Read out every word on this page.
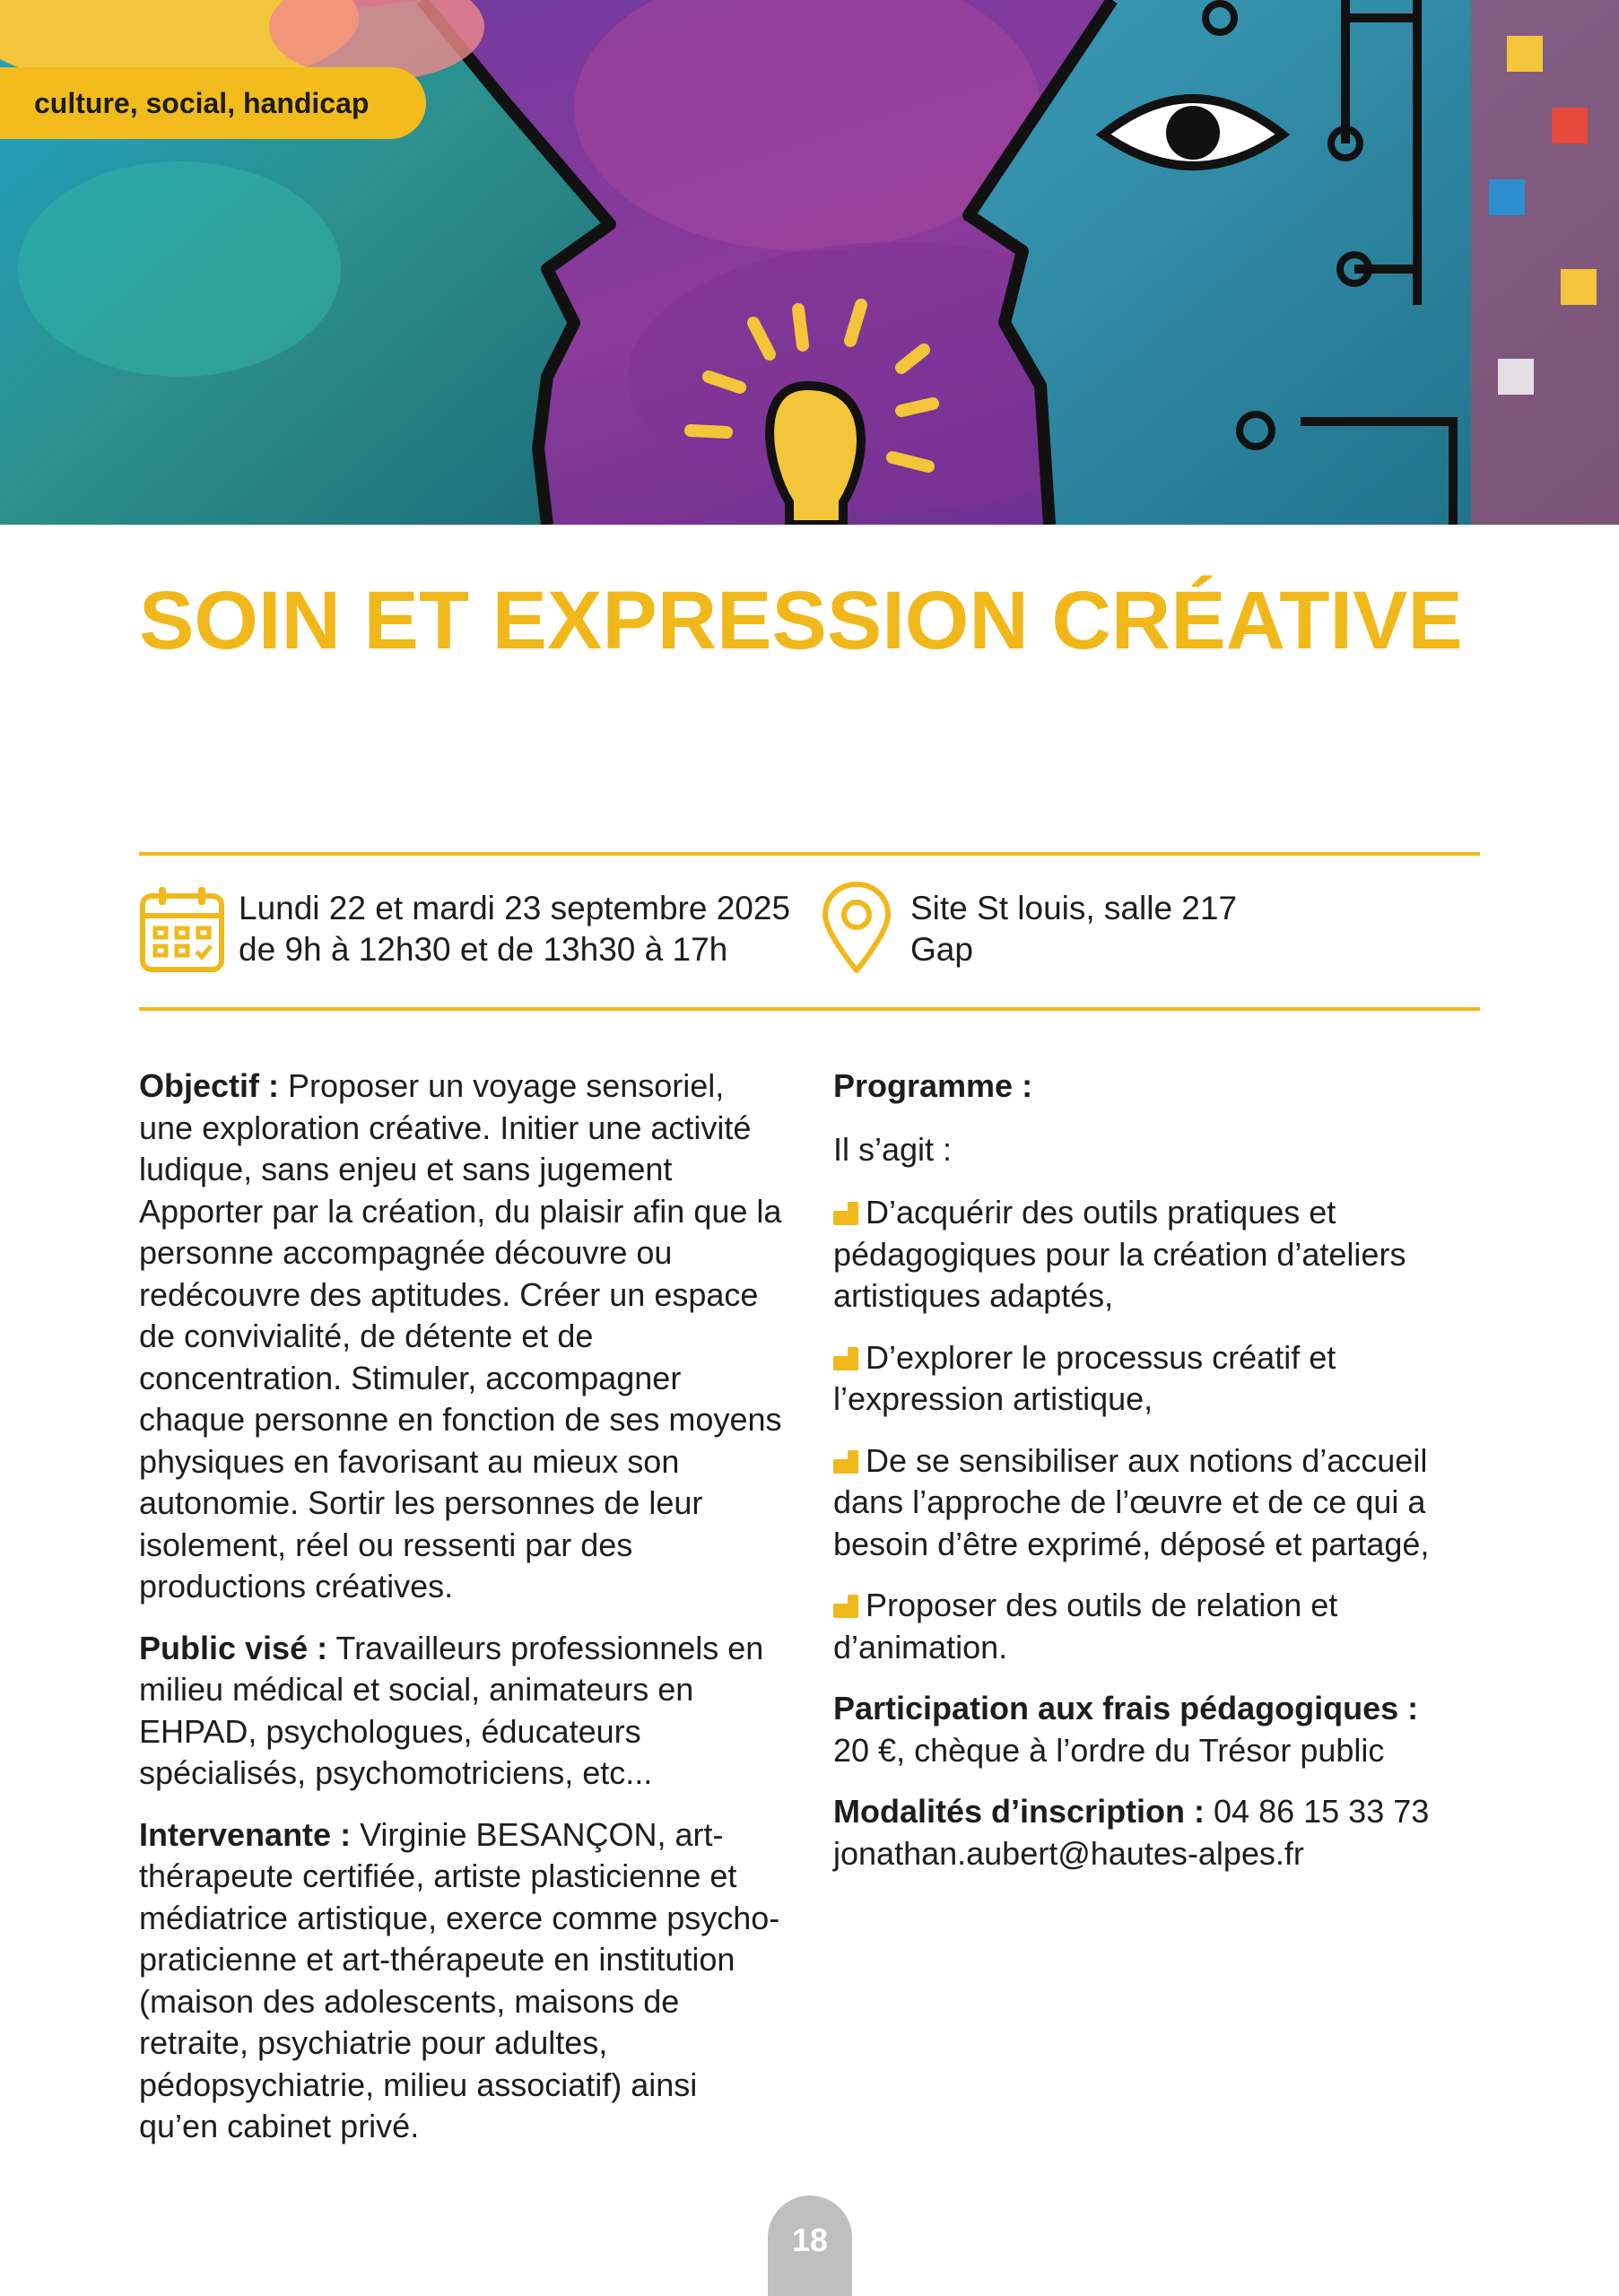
culture, social, handicap
SOIN ET EXPRESSION CRÉATIVE
Lundi 22 et mardi 23 septembre 2025
de 9h à 12h30 et de 13h30 à 17h
Site St louis, salle 217
Gap

Objectif : Proposer un voyage sensoriel, une exploration créative. Initier une activité ludique, sans enjeu et sans jugement Apporter par la création, du plaisir afin que la personne accompagnée découvre ou redécouvre des aptitudes. Créer un espace de convivialité, de détente et de concentration. Stimuler, accompagner chaque personne en fonction de ses moyens physiques en favorisant au mieux son autonomie. Sortir les personnes de leur isolement, réel ou ressenti par des productions créatives.

Public visé : Travailleurs professionnels en milieu médical et social, animateurs en EHPAD, psychologues, éducateurs spécialisés, psychomotriciens, etc...

Intervenante : Virginie BESANÇON, art-thérapeute certifiée, artiste plasticienne et médiatrice artistique, exerce comme psycho-praticienne et art-thérapeute en institution (maison des adolescents, maisons de retraite, psychiatrie pour adultes, pédopsychiatrie, milieu associatif) ainsi qu’en cabinet privé.

Programme :

Il s’agit :

D’acquérir des outils pratiques et pédagogiques pour la création d’ateliers artistiques adaptés,

D’explorer le processus créatif et l’expression artistique,

De se sensibiliser aux notions d’accueil dans l’approche de l’œuvre et de ce qui a besoin d’être exprimé, déposé et partagé,

Proposer des outils de relation et d’animation.

Participation aux frais pédagogiques :
20 €, chèque à l’ordre du Trésor public

Modalités d’inscription : 04 86 15 33 73
jonathan.aubert@hautes-alpes.fr

18
